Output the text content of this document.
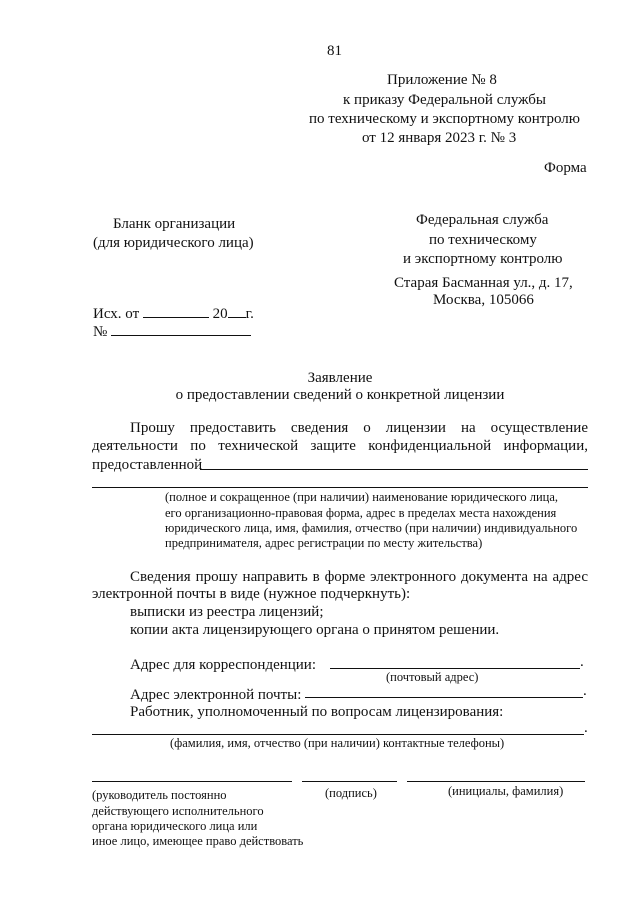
81
Приложение № 8
к приказу Федеральной службы
по техническому и экспортному контролю
от 12 января 2023 г. № 3
Форма
Бланк организации
(для юридического лица)
Федеральная служба
по техническому
и экспортному контролю
Старая Басманная ул., д. 17,
Москва, 105066
Исх. от	20 г.
№
Заявление
о предоставлении сведений о конкретной лицензии
Прошу предоставить сведения о лицензии на осуществление
деятельности по технической защите конфиденциальной информации,
предоставленной
(полное и сокращенное (при наличии) наименование юридического лица,
его организационно-правовая форма, адрес в пределах места нахождения
юридического лица, имя, фамилия, отчество (при наличии) индивидуального
предпринимателя, адрес регистрации по месту жительства)
Сведения прошу направить в форме электронного документа на адрес
электронной почты в виде (нужное подчеркнуть):
выписки из реестра лицензий;
копии акта лицензирующего органа о принятом решении.
Адрес для корреспонденции:	.
(почтовый адрес)
Адрес электронной почты:	.
Работник, уполномоченный по вопросам лицензирования:
.
(фамилия, имя, отчество (при наличии) контактные телефоны)
(руководитель постоянно
действующего исполнительного
органа юридического лица или
иное лицо, имеющее право действовать
(подпись)	(инициалы, фамилия)
